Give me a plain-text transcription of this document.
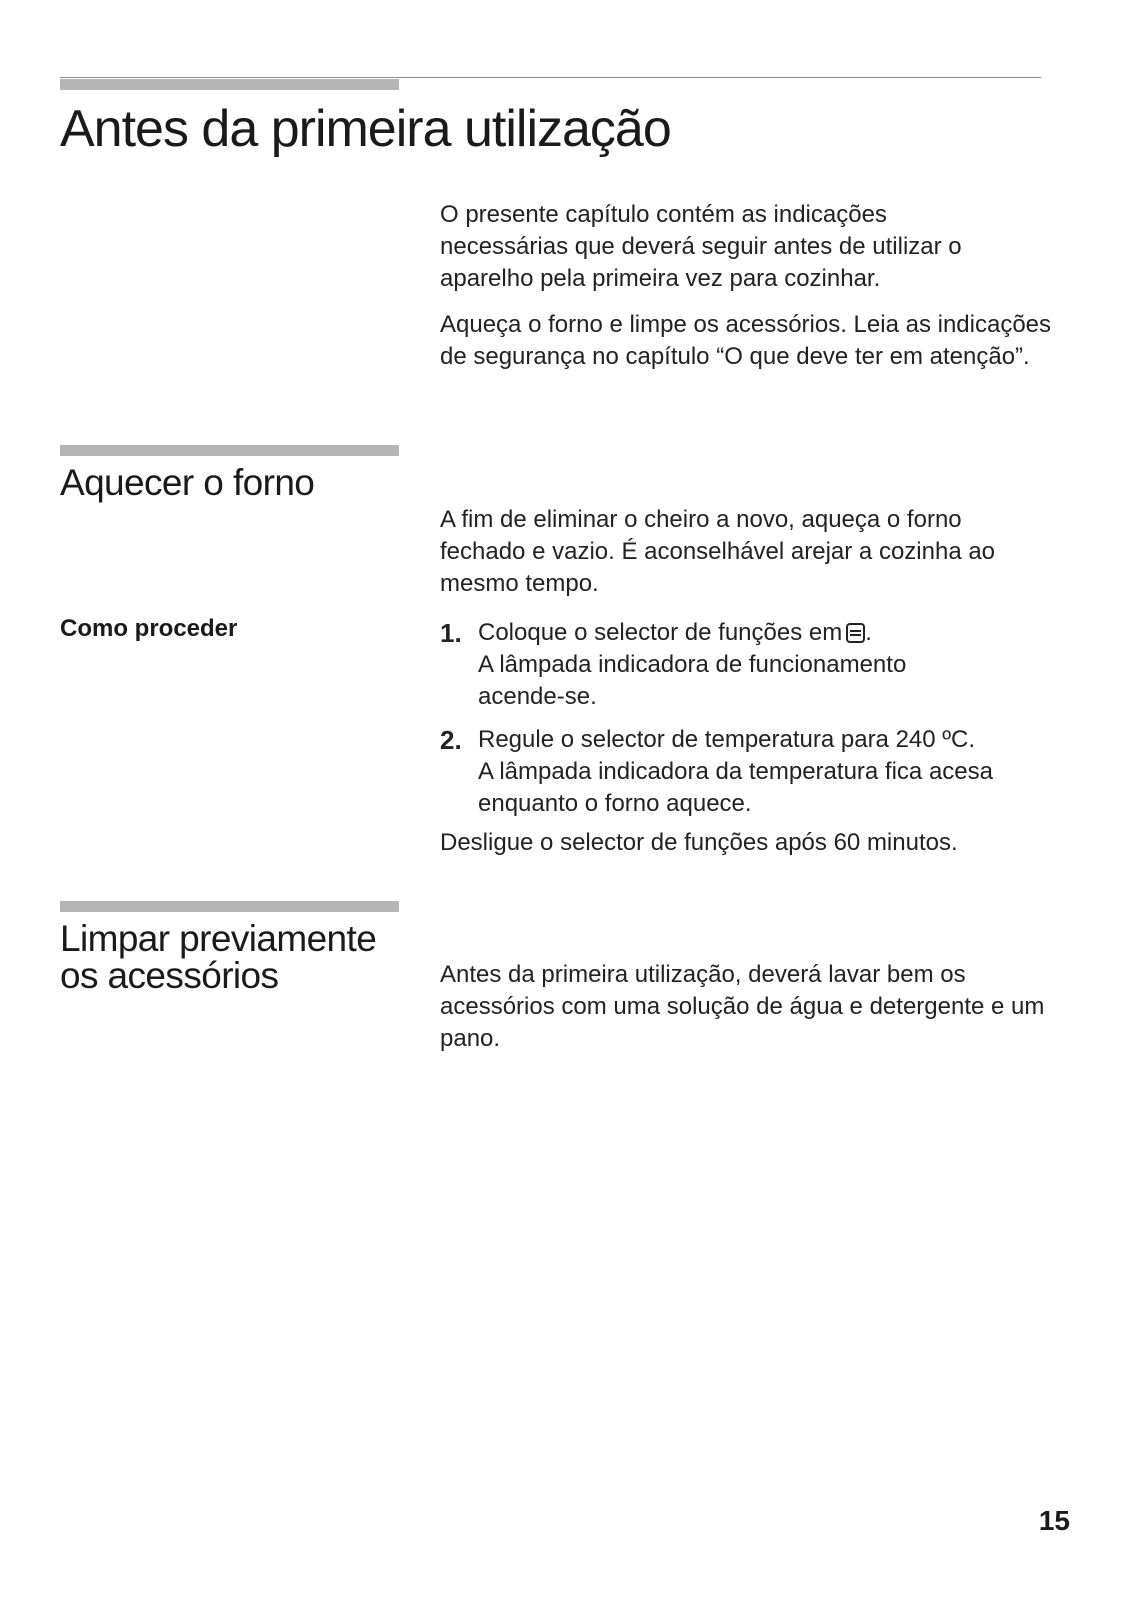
Antes da primeira utilização

O presente capítulo contém as indicações necessárias que deverá seguir antes de utilizar o aparelho pela primeira vez para cozinhar.

Aqueça o forno e limpe os acessórios. Leia as indicações de segurança no capítulo “O que deve ter em atenção”.

Aquecer o forno

A fim de eliminar o cheiro a novo, aqueça o forno fechado e vazio. É aconselhável arejar a cozinha ao mesmo tempo.

Como proceder	1. Coloque o selector de funções em .
A lâmpada indicadora de funcionamento acende-se.
2. Regule o selector de temperatura para 240 ºC.
A lâmpada indicadora da temperatura fica acesa enquanto o forno aquece.

Desligue o selector de funções após 60 minutos.

Limpar previamente
os acessórios	Antes da primeira utilização, deverá lavar bem os acessórios com uma solução de água e detergente e um pano.

15
